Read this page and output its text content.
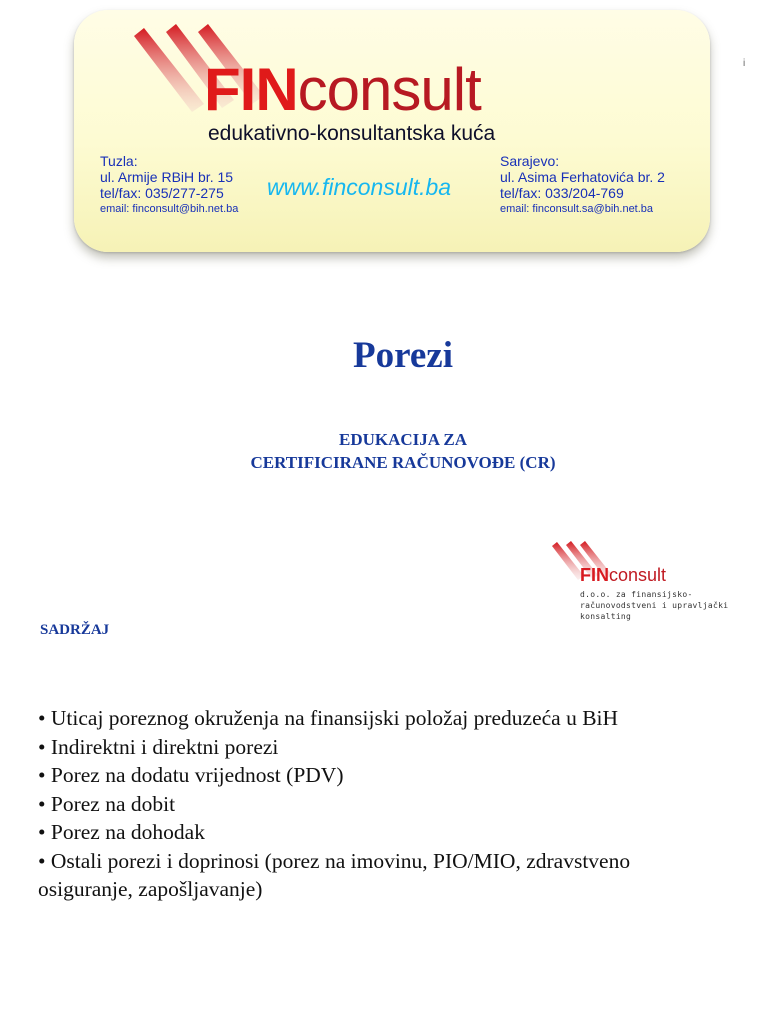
FINconsult
edukativno-konsultantska kuća
Tuzla:
ul. Armije RBiH br. 15
tel/fax: 035/277-275
email: finconsult@bih.net.ba
www.finconsult.ba
Sarajevo:
ul. Asima Ferhatovića br. 2
tel/fax: 033/204-769
email: finconsult.sa@bih.net.ba
i
Porezi
EDUKACIJA ZA
CERTIFICIRANE RAČUNOVOĐE (CR)
FINconsult
d.o.o. za finansijsko-računovodstveni i upravljački konsalting
SADRŽAJ

• Uticaj poreznog okruženja na finansijski položaj preduzeća u BiH

• Indirektni i direktni porezi

• Porez na dodatu vrijednost (PDV)

• Porez na dobit

• Porez na dohodak

• Ostali porezi i doprinosi (porez na imovinu, PIO/MIO, zdravstveno osiguranje, zapošljavanje)
